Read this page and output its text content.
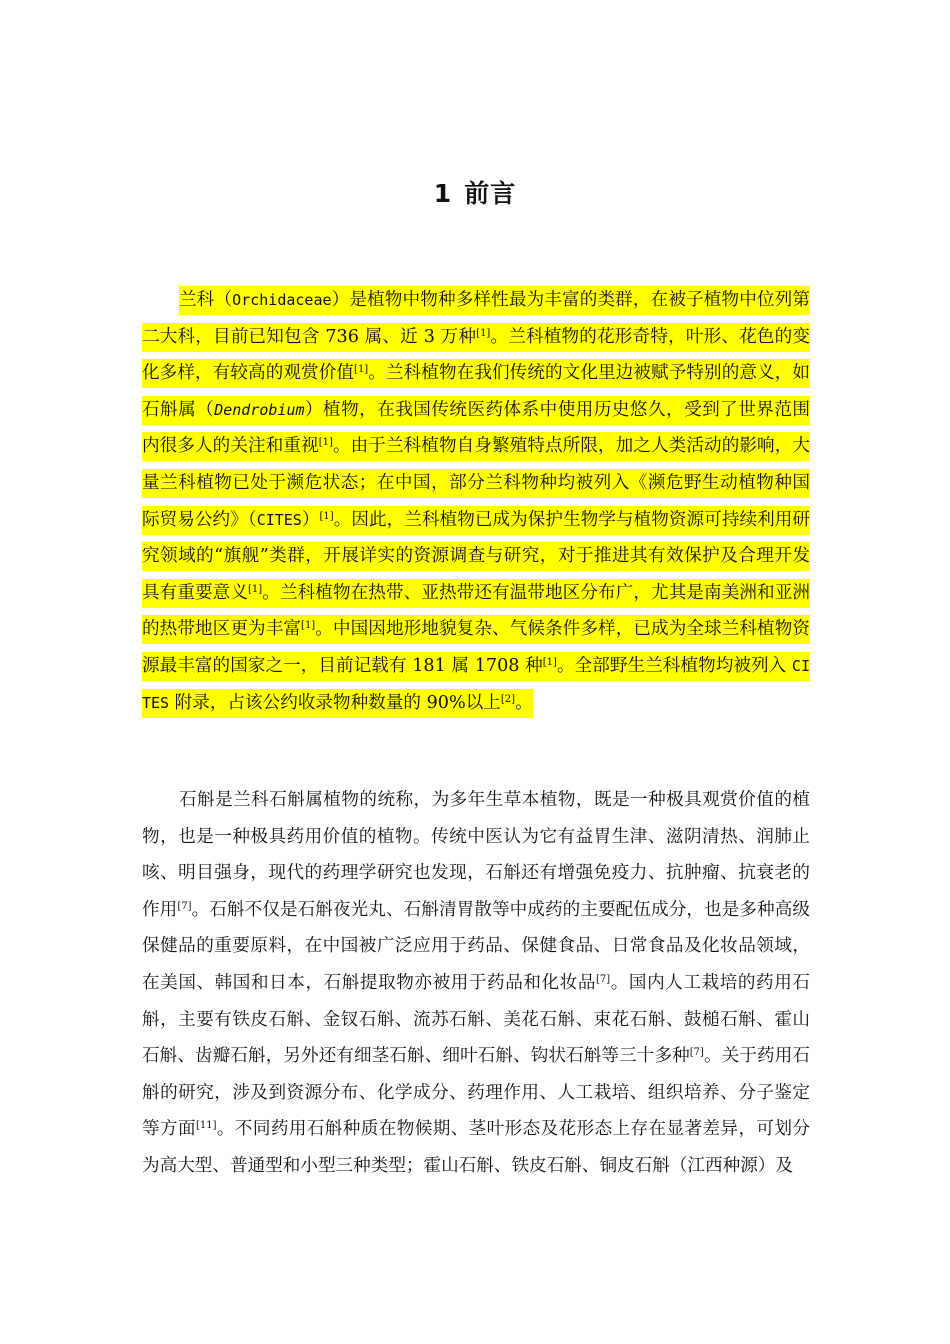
1 前言

兰科（Orchidaceae）是植物中物种多样性最为丰富的类群，在被子植物中位列第二大科，目前已知包含 736 属、近 3 万种[1]。兰科植物的花形奇特，叶形、花色的变化多样，有较高的观赏价值[1]。兰科植物在我们传统的文化里边被赋予特别的意义，如石斛属（Dendrobium）植物，在我国传统医药体系中使用历史悠久，受到了世界范围内很多人的关注和重视[1]。由于兰科植物自身繁殖特点所限，加之人类活动的影响，大量兰科植物已处于濒危状态；在中国，部分兰科物种均被列入《濒危野生动植物种国际贸易公约》（CITES）[1]。因此，兰科植物已成为保护生物学与植物资源可持续利用研究领域的“旗舰”类群，开展详实的资源调查与研究，对于推进其有效保护及合理开发具有重要意义[1]。兰科植物在热带、亚热带还有温带地区分布广，尤其是南美洲和亚洲的热带地区更为丰富[1]。中国因地形地貌复杂、气候条件多样，已成为全球兰科植物资源最丰富的国家之一，目前记载有 181 属 1708 种[1]。全部野生兰科植物均被列入 CITES 附录，占该公约收录物种数量的 90%以上[2]。

石斛是兰科石斛属植物的统称，为多年生草本植物，既是一种极具观赏价值的植物，也是一种极具药用价值的植物。传统中医认为它有益胃生津、滋阴清热、润肺止咳、明目强身，现代的药理学研究也发现，石斛还有增强免疫力、抗肿瘤、抗衰老的作用[7]。石斛不仅是石斛夜光丸、石斛清胃散等中成药的主要配伍成分，也是多种高级保健品的重要原料，在中国被广泛应用于药品、保健食品、日常食品及化妆品领域，在美国、韩国和日本，石斛提取物亦被用于药品和化妆品[7]。国内人工栽培的药用石斛，主要有铁皮石斛、金钗石斛、流苏石斛、美花石斛、束花石斛、鼓槌石斛、霍山石斛、齿瓣石斛，另外还有细茎石斛、细叶石斛、钩状石斛等三十多种[7]。关于药用石斛的研究，涉及到资源分布、化学成分、药理作用、人工栽培、组织培养、分子鉴定等方面[11]。不同药用石斛种质在物候期、茎叶形态及花形态上存在显著差异，可划分为高大型、普通型和小型三种类型；霍山石斛、铁皮石斛、铜皮石斛（江西种源）及
